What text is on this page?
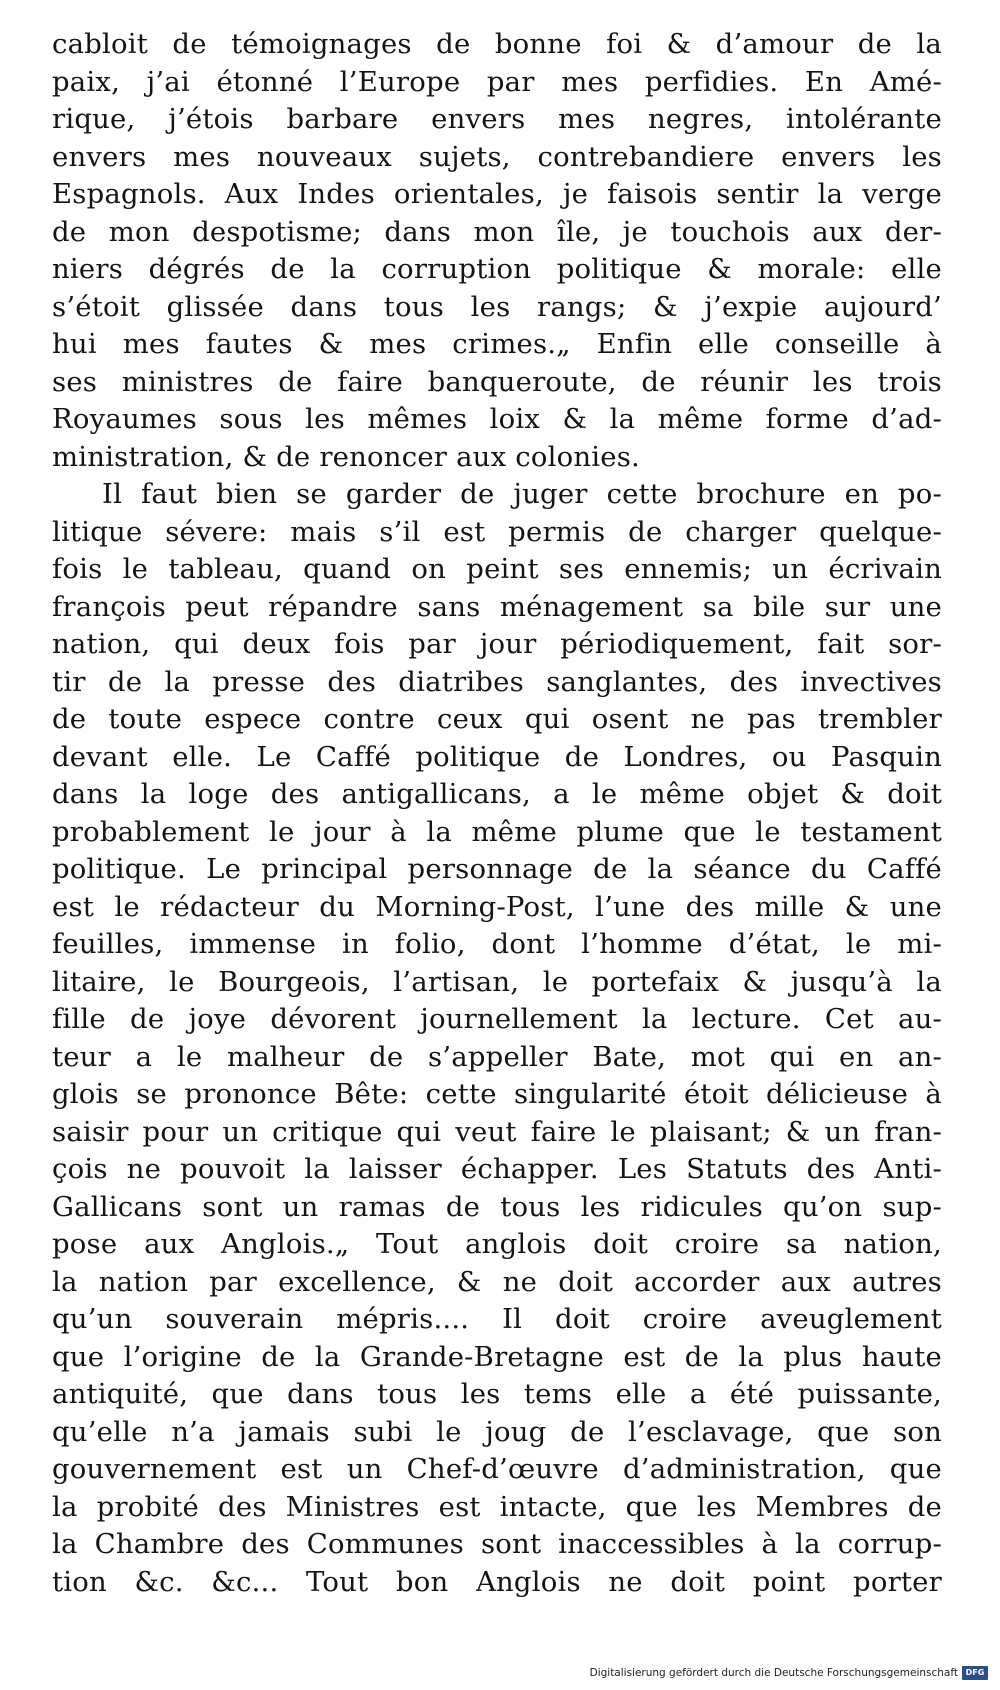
cabloit de témoignages de bonne foi & d’amour de la
paix, j’ai étonné l’Europe par mes perfidies. En Amé-
rique, j’étois barbare envers mes negres, intolérante
envers mes nouveaux sujets, contrebandiere envers les
Espagnols. Aux Indes orientales, je faisois sentir la verge
de mon despotisme; dans mon île, je touchois aux der-
niers dégrés de la corruption politique & morale: elle
s’étoit glissée dans tous les rangs; & j’expie aujourd’
hui mes fautes & mes crimes.„ Enfin elle conseille à
ses ministres de faire banqueroute, de réunir les trois
Royaumes sous les mêmes loix & la même forme d’ad-
ministration, & de renoncer aux colonies.
Il faut bien se garder de juger cette brochure en po-
litique sévere: mais s’il est permis de charger quelque-
fois le tableau, quand on peint ses ennemis; un écrivain
françois peut répandre sans ménagement sa bile sur une
nation, qui deux fois par jour périodiquement, fait sor-
tir de la presse des diatribes sanglantes, des invectives
de toute espece contre ceux qui osent ne pas trembler
devant elle. Le Caffé politique de Londres, ou Pasquin
dans la loge des antigallicans, a le même objet & doit
probablement le jour à la même plume que le testament
politique. Le principal personnage de la séance du Caffé
est le rédacteur du Morning-Post, l’une des mille & une
feuilles, immense in folio, dont l’homme d’état, le mi-
litaire, le Bourgeois, l’artisan, le portefaix & jusqu’à la
fille de joye dévorent journellement la lecture. Cet au-
teur a le malheur de s’appeller Bate, mot qui en an-
glois se prononce Bête: cette singularité étoit délicieuse à
saisir pour un critique qui veut faire le plaisant; & un fran-
çois ne pouvoit la laisser échapper. Les Statuts des Anti-
Gallicans sont un ramas de tous les ridicules qu’on sup-
pose aux Anglois.„ Tout anglois doit croire sa nation,
la nation par excellence, & ne doit accorder aux autres
qu’un souverain mépris.... Il doit croire aveuglement
que l’origine de la Grande-Bretagne est de la plus haute
antiquité, que dans tous les tems elle a été puissante,
qu’elle n’a jamais subi le joug de l’esclavage, que son
gouvernement est un Chef-d’œuvre d’administration, que
la probité des Ministres est intacte, que les Membres de
la Chambre des Communes sont inaccessibles à la corrup-
tion &c. &c... Tout bon Anglois ne doit point porter
Digitalisierung gefördert durch die Deutsche Forschungsgemeinschaft DFG
